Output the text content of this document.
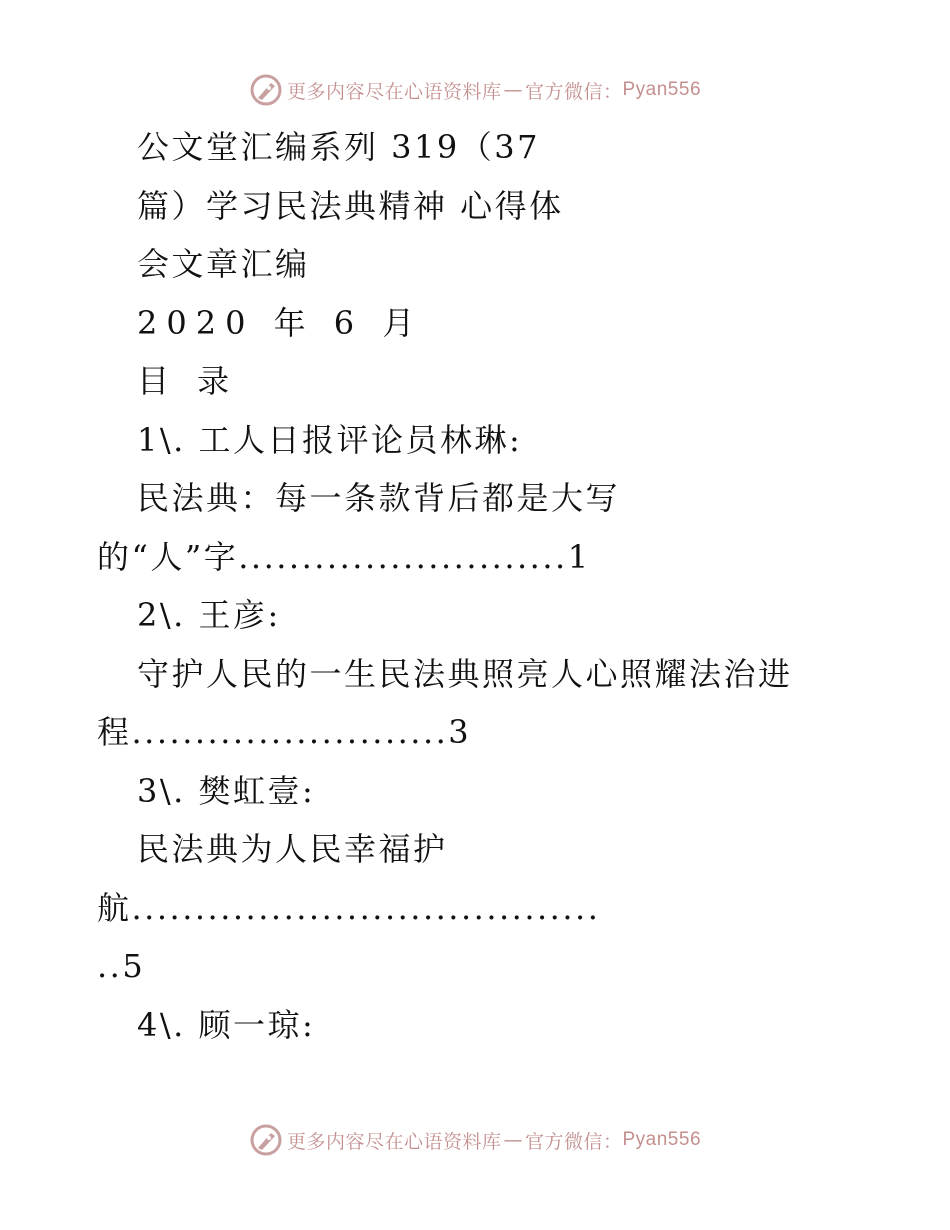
更多内容尽在心语资料库 — 官方微信： Pyan556
公文堂汇编系列 319（37
篇）学习民法典精神 心得体
会文章汇编
2020 年 6 月
目 录
1\. 工人日报评论员林琳:
民法典：每一条款背后都是大写
的“人”字..........................1
2\. 王彦:
守护人民的一生民法典照亮人心照耀法治进
程.........................3
3\. 樊虹壹:
民法典为人民幸福护
航.....................................
..5
4\. 顾一琼:
更多内容尽在心语资料库 — 官方微信： Pyan556
